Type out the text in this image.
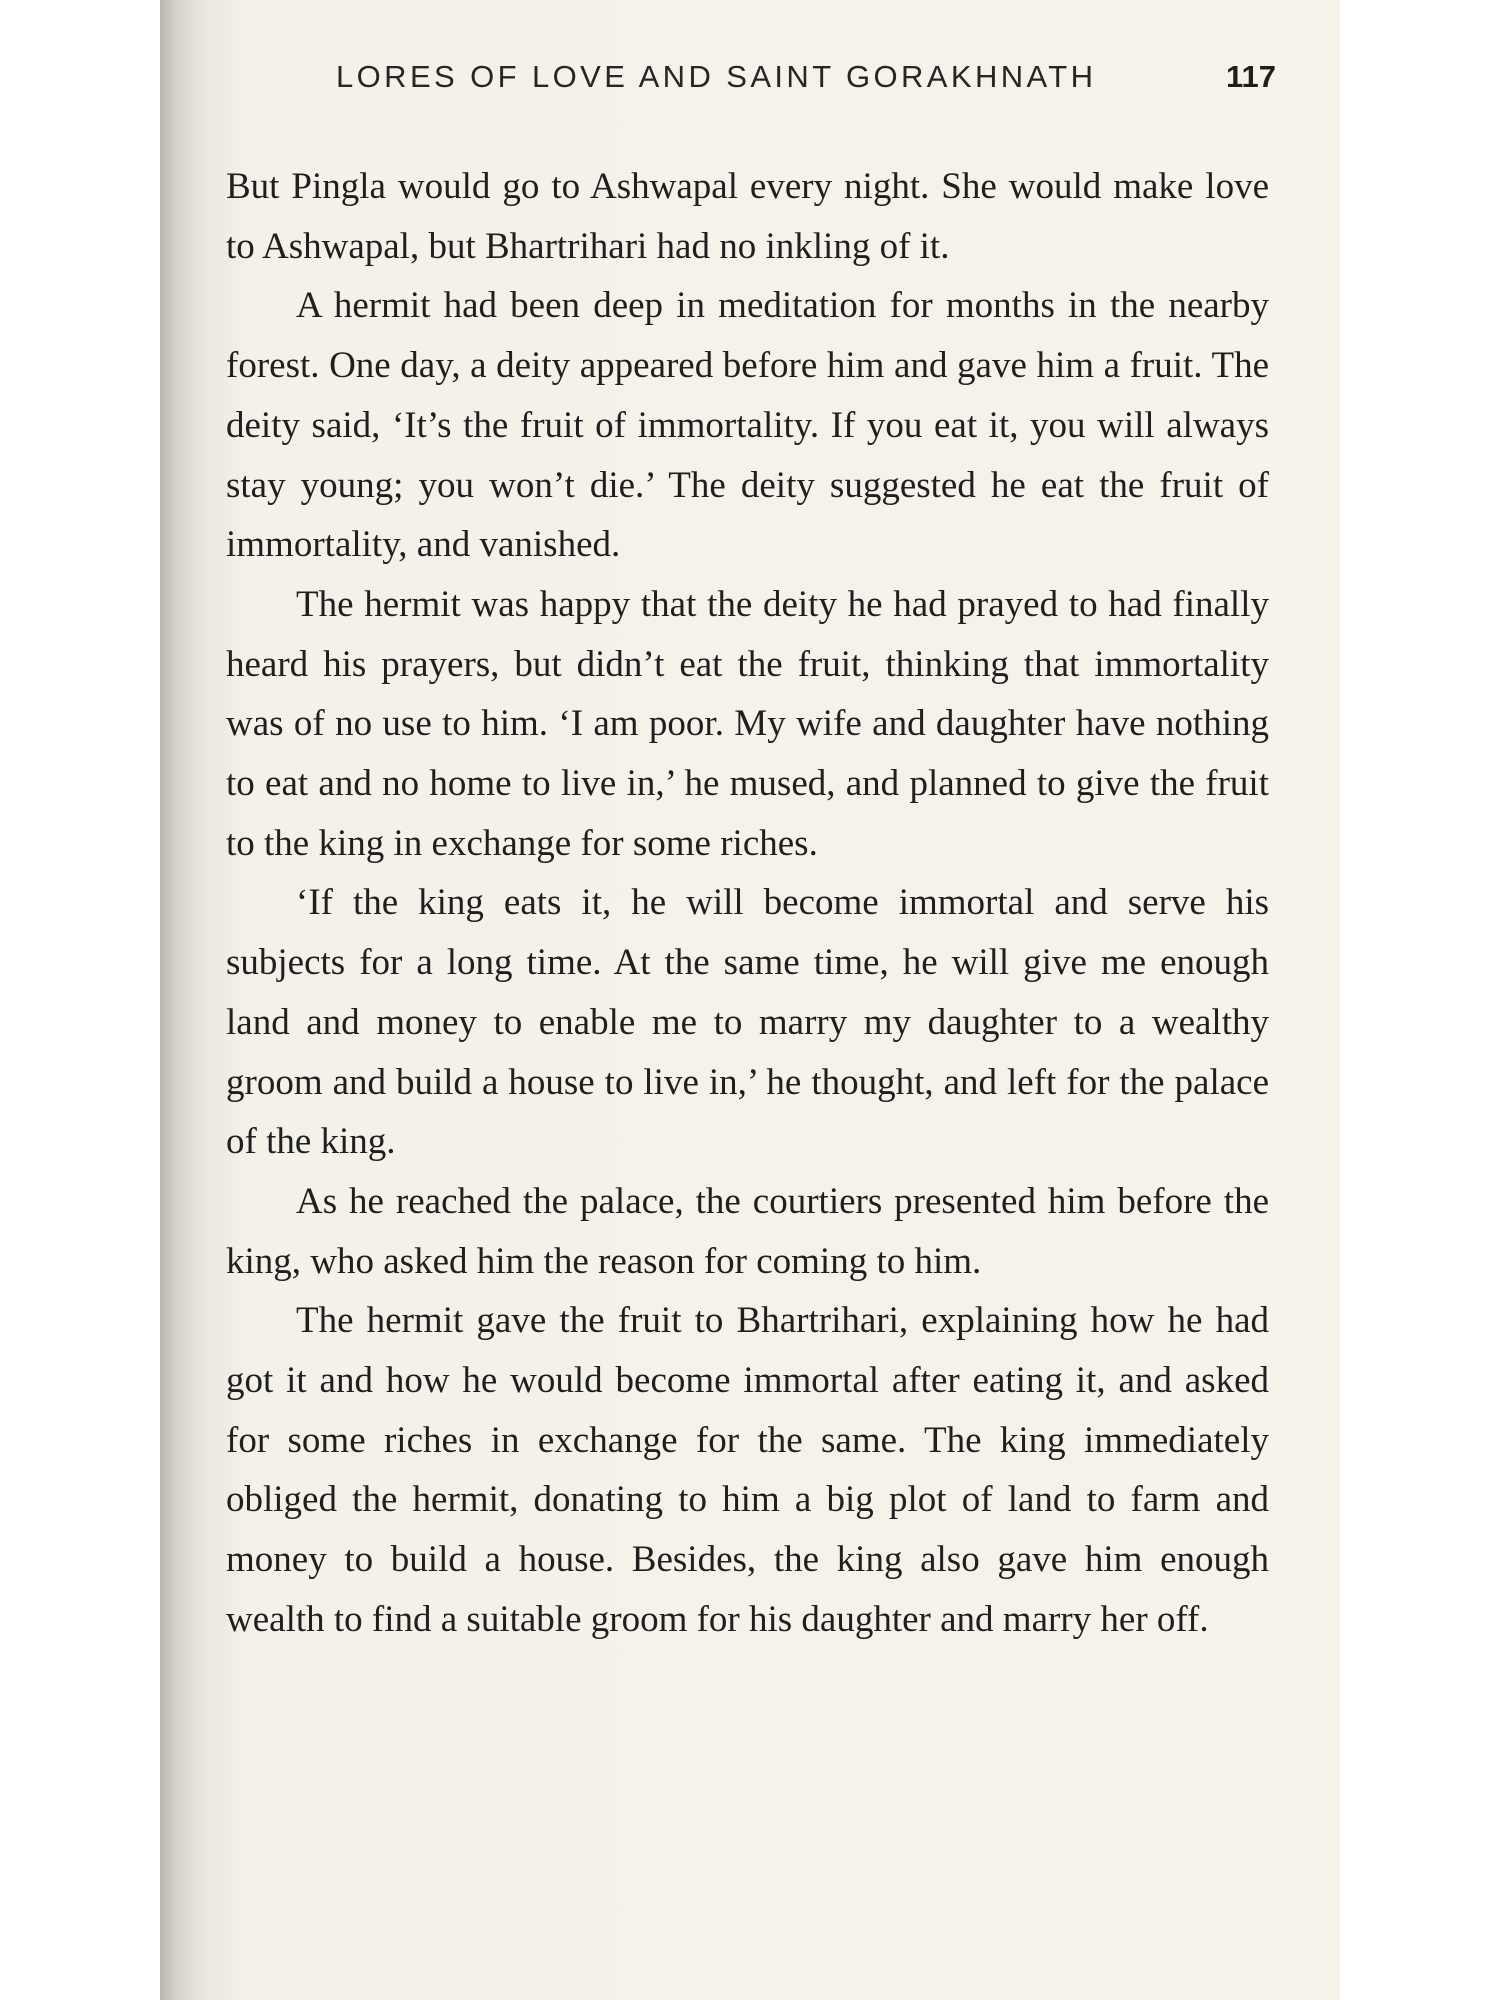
LORES OF LOVE AND SAINT GORAKHNATH	117

But Pingla would go to Ashwapal every night. She would make love to Ashwapal, but Bhartrihari had no inkling of it.

A hermit had been deep in meditation for months in the nearby forest. One day, a deity appeared before him and gave him a fruit. The deity said, ‘It’s the fruit of immortality. If you eat it, you will always stay young; you won’t die.’ The deity suggested he eat the fruit of immortality, and vanished.

The hermit was happy that the deity he had prayed to had finally heard his prayers, but didn’t eat the fruit, thinking that immortality was of no use to him. ‘I am poor. My wife and daughter have nothing to eat and no home to live in,’ he mused, and planned to give the fruit to the king in exchange for some riches.

‘If the king eats it, he will become immortal and serve his subjects for a long time. At the same time, he will give me enough land and money to enable me to marry my daughter to a wealthy groom and build a house to live in,’ he thought, and left for the palace of the king.

As he reached the palace, the courtiers presented him before the king, who asked him the reason for coming to him.

The hermit gave the fruit to Bhartrihari, explaining how he had got it and how he would become immortal after eating it, and asked for some riches in exchange for the same. The king immediately obliged the hermit, donating to him a big plot of land to farm and money to build a house. Besides, the king also gave him enough wealth to find a suitable groom for his daughter and marry her off.
